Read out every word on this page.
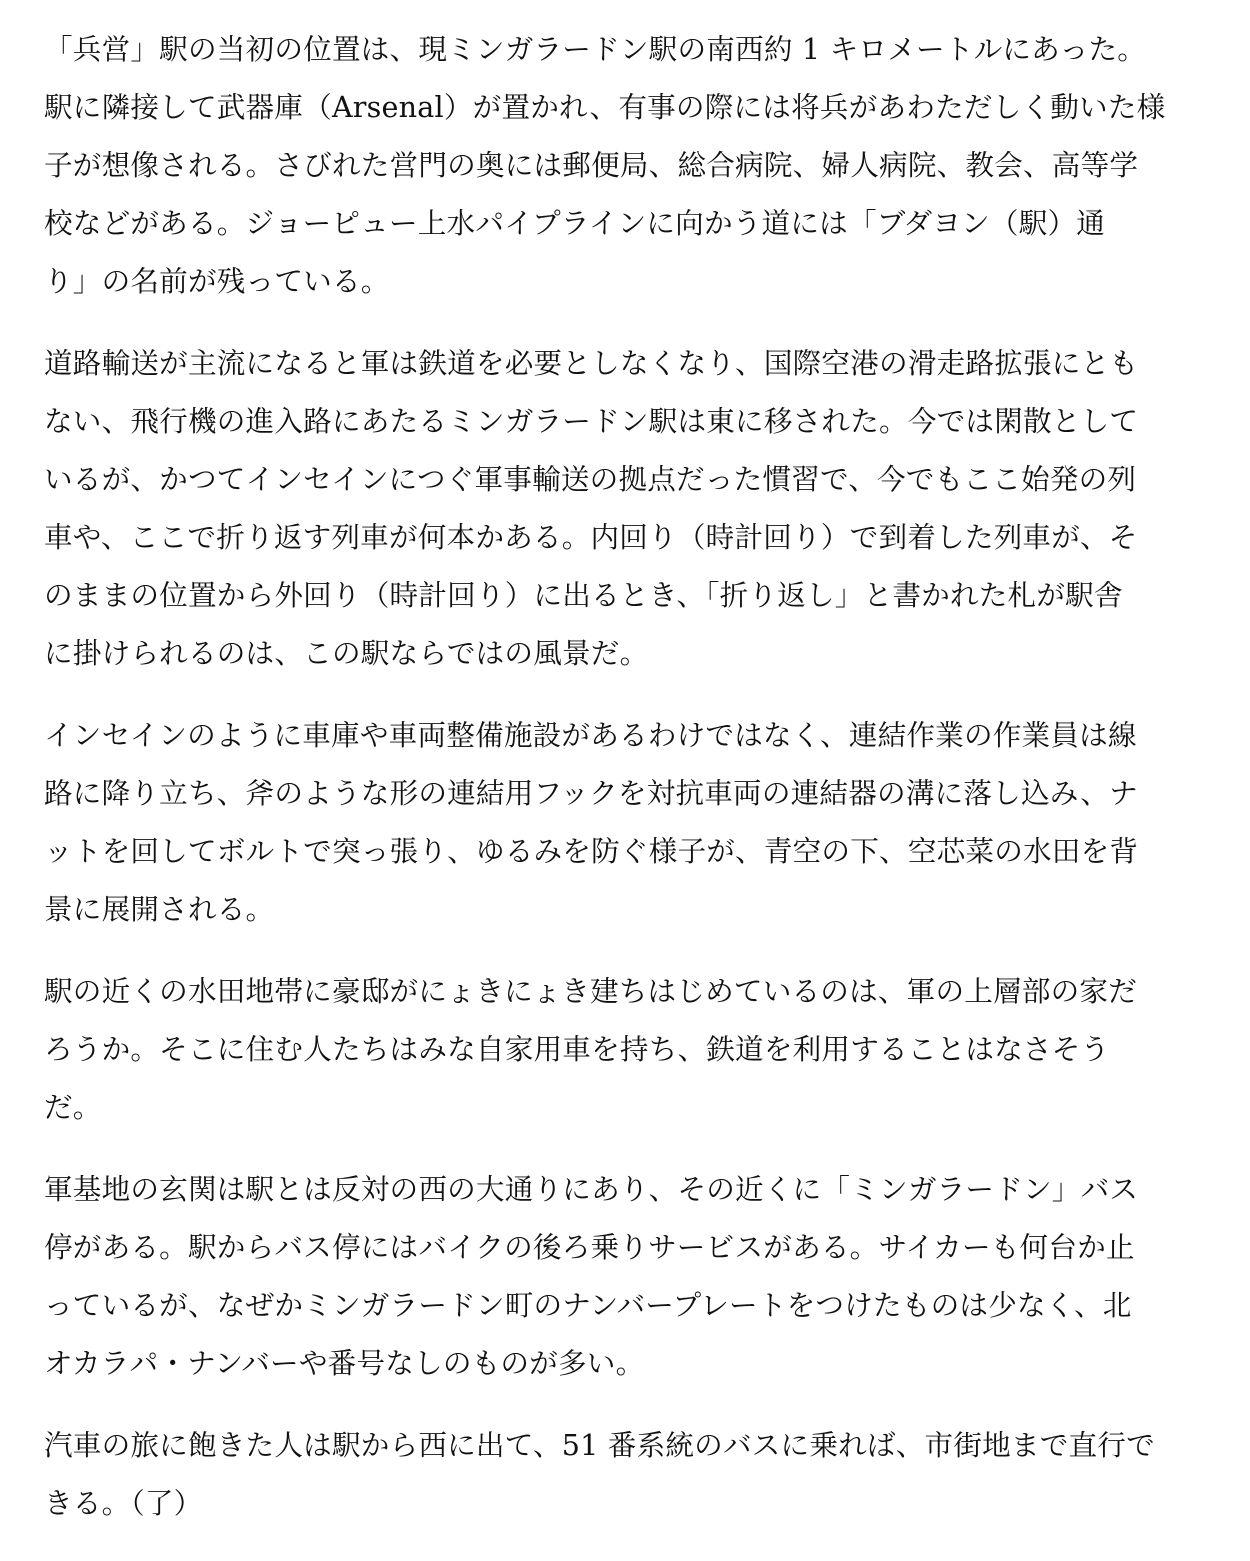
「兵営」駅の当初の位置は、現ミンガラードン駅の南西約 1 キロメートルにあった。
駅に隣接して武器庫（Arsenal）が置かれ、有事の際には将兵があわただしく動いた様
子が想像される。さびれた営門の奥には郵便局、総合病院、婦人病院、教会、高等学
校などがある。ジョーピュー上水パイプラインに向かう道には「ブダヨン（駅）通
り」の名前が残っている。

道路輸送が主流になると軍は鉄道を必要としなくなり、国際空港の滑走路拡張にとも
ない、飛行機の進入路にあたるミンガラードン駅は東に移された。今では閑散として
いるが、かつてインセインにつぐ軍事輸送の拠点だった慣習で、今でもここ始発の列
車や、ここで折り返す列車が何本かある。内回り（時計回り）で到着した列車が、そ
のままの位置から外回り（時計回り）に出るとき、「折り返し」と書かれた札が駅舎
に掛けられるのは、この駅ならではの風景だ。

インセインのように車庫や車両整備施設があるわけではなく、連結作業の作業員は線
路に降り立ち、斧のような形の連結用フックを対抗車両の連結器の溝に落し込み、ナ
ットを回してボルトで突っ張り、ゆるみを防ぐ様子が、青空の下、空芯菜の水田を背
景に展開される。

駅の近くの水田地帯に豪邸がにょきにょき建ちはじめているのは、軍の上層部の家だ
ろうか。そこに住む人たちはみな自家用車を持ち、鉄道を利用することはなさそう
だ。

軍基地の玄関は駅とは反対の西の大通りにあり、その近くに「ミンガラードン」バス
停がある。駅からバス停にはバイクの後ろ乗りサービスがある。サイカーも何台か止
っているが、なぜかミンガラードン町のナンバープレートをつけたものは少なく、北
オカラパ・ナンバーや番号なしのものが多い。

汽車の旅に飽きた人は駅から西に出て、51 番系統のバスに乗れば、市街地まで直行で
きる。（了）
